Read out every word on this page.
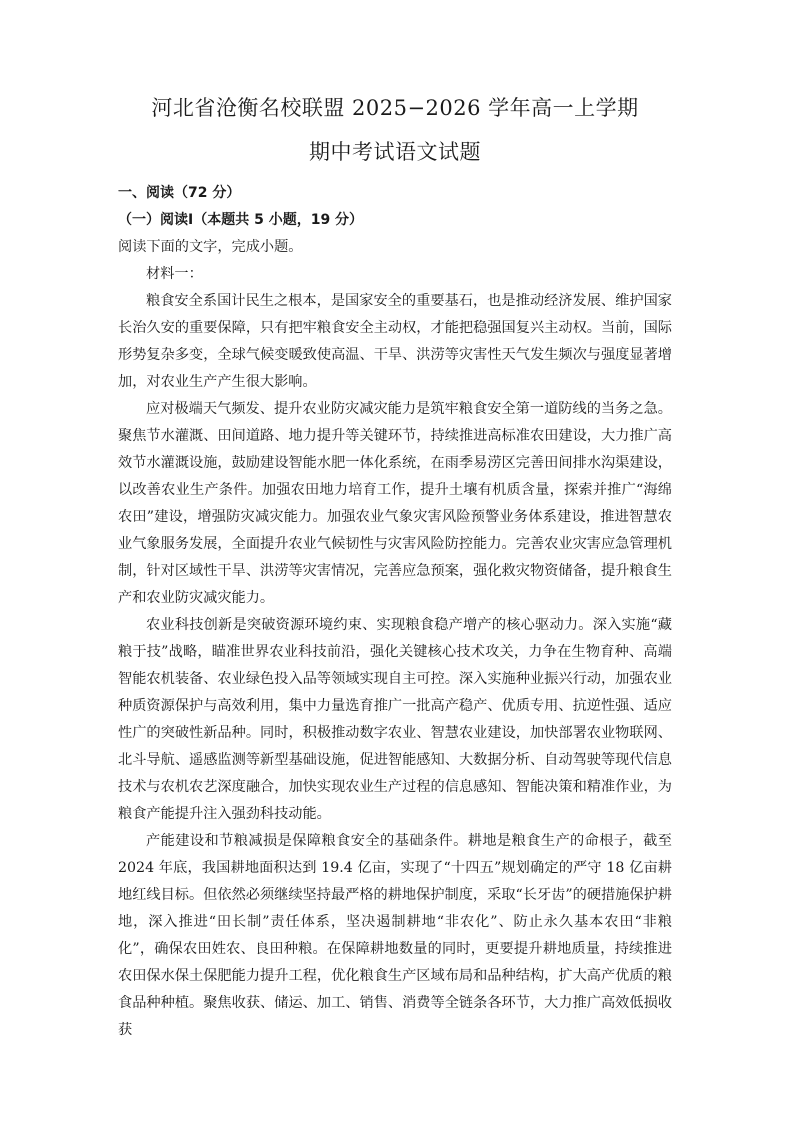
河北省沧衡名校联盟 2025−2026 学年高一上学期
期中考试语文试题

一、阅读（72 分）

（一）阅读Ⅰ（本题共 5 小题，19 分）

阅读下面的文字，完成小题。

材料一：

粮食安全系国计民生之根本，是国家安全的重要基石，也是推动经济发展、维护国家长治久安的重要保障，只有把牢粮食安全主动权，才能把稳强国复兴主动权。当前，国际形势复杂多变，全球气候变暖致使高温、干旱、洪涝等灾害性天气发生频次与强度显著增加，对农业生产产生很大影响。

应对极端天气频发、提升农业防灾减灾能力是筑牢粮食安全第一道防线的当务之急。聚焦节水灌溉、田间道路、地力提升等关键环节，持续推进高标准农田建设，大力推广高效节水灌溉设施，鼓励建设智能水肥一体化系统，在雨季易涝区完善田间排水沟渠建设，以改善农业生产条件。加强农田地力培育工作，提升土壤有机质含量，探索并推广“海绵农田”建设，增强防灾减灾能力。加强农业气象灾害风险预警业务体系建设，推进智慧农业气象服务发展，全面提升农业气候韧性与灾害风险防控能力。完善农业灾害应急管理机制，针对区域性干旱、洪涝等灾害情况，完善应急预案，强化救灾物资储备，提升粮食生产和农业防灾减灾能力。

农业科技创新是突破资源环境约束、实现粮食稳产增产的核心驱动力。深入实施“藏粮于技”战略，瞄准世界农业科技前沿，强化关键核心技术攻关，力争在生物育种、高端智能农机装备、农业绿色投入品等领域实现自主可控。深入实施种业振兴行动，加强农业种质资源保护与高效利用，集中力量选育推广一批高产稳产、优质专用、抗逆性强、适应性广的突破性新品种。同时，积极推动数字农业、智慧农业建设，加快部署农业物联网、北斗导航、遥感监测等新型基础设施，促进智能感知、大数据分析、自动驾驶等现代信息技术与农机农艺深度融合，加快实现农业生产过程的信息感知、智能决策和精准作业，为粮食产能提升注入强劲科技动能。

产能建设和节粮减损是保障粮食安全的基础条件。耕地是粮食生产的命根子，截至 2024 年底，我国耕地面积达到 19.4 亿亩，实现了“十四五”规划确定的严守 18 亿亩耕地红线目标。但依然必须继续坚持最严格的耕地保护制度，采取“长牙齿”的硬措施保护耕地，深入推进“田长制”责任体系，坚决遏制耕地“非农化”、防止永久基本农田“非粮化”，确保农田姓农、良田种粮。在保障耕地数量的同时，更要提升耕地质量，持续推进农田保水保土保肥能力提升工程，优化粮食生产区域布局和品种结构，扩大高产优质的粮食品种种植。聚焦收获、储运、加工、销售、消费等全链条各环节，大力推广高效低损收获
